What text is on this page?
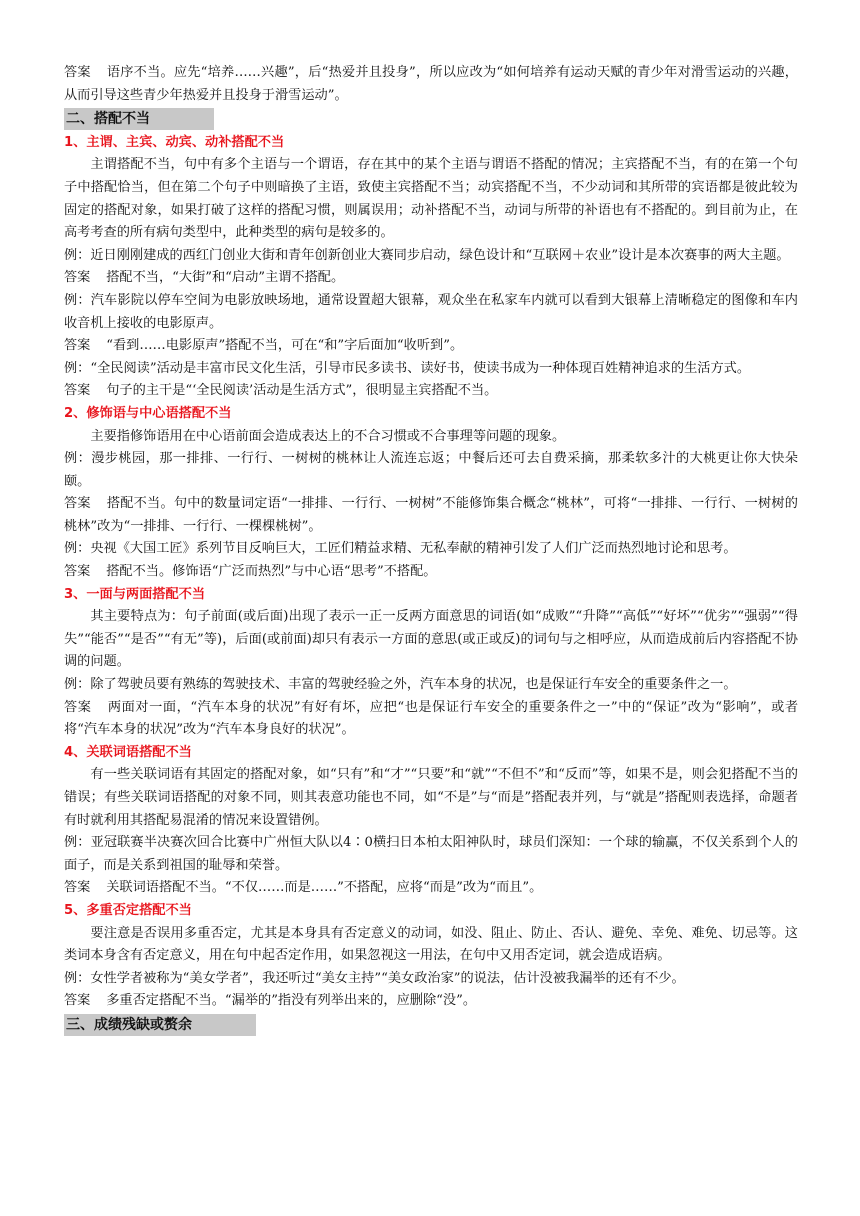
答案 语序不当。应先“培养……兴趣”，后“热爱并且投身”，所以应改为“如何培养有运动天赋的青少年对滑雪运动的兴趣，从而引导这些青少年热爱并且投身于滑雪运动”。

二、搭配不当
1、主谓、主宾、动宾、动补搭配不当

主谓搭配不当，句中有多个主语与一个谓语，存在其中的某个主语与谓语不搭配的情况；主宾搭配不当，有的在第一个句子中搭配恰当，但在第二个句子中则暗换了主语，致使主宾搭配不当；动宾搭配不当，不少动词和其所带的宾语都是彼此较为固定的搭配对象，如果打破了这样的搭配习惯，则属误用；动补搭配不当，动词与所带的补语也有不搭配的。到目前为止，在高考考查的所有病句类型中，此种类型的病句是较多的。

例：近日刚刚建成的西红门创业大街和青年创新创业大赛同步启动，绿色设计和“互联网＋农业”设计是本次赛事的两大主题。

答案 搭配不当，“大街”和“启动”主谓不搭配。

例：汽车影院以停车空间为电影放映场地，通常设置超大银幕，观众坐在私家车内就可以看到大银幕上清晰稳定的图像和车内收音机上接收的电影原声。

答案 “看到……电影原声”搭配不当，可在“和”字后面加“收听到”。

例：“全民阅读”活动是丰富市民文化生活，引导市民多读书、读好书，使读书成为一种体现百姓精神追求的生活方式。

答案 句子的主干是“‘全民阅读’活动是生活方式”，很明显主宾搭配不当。

2、修饰语与中心语搭配不当

主要指修饰语用在中心语前面会造成表达上的不合习惯或不合事理等问题的现象。

例：漫步桃园，那一排排、一行行、一树树的桃林让人流连忘返；中餐后还可去自费采摘，那柔软多汁的大桃更让你大快朵颐。

答案 搭配不当。句中的数量词定语“一排排、一行行、一树树”不能修饰集合概念“桃林”，可将“一排排、一行行、一树树的桃林”改为“一排排、一行行、一棵棵桃树”。

例：央视《大国工匠》系列节目反响巨大，工匠们精益求精、无私奉献的精神引发了人们广泛而热烈地讨论和思考。

答案 搭配不当。修饰语“广泛而热烈”与中心语“思考”不搭配。

3、一面与两面搭配不当

其主要特点为：句子前面(或后面)出现了表示一正一反两方面意思的词语(如“成败”“升降”“高低”“好坏”“优劣”“强弱”“得失”“能否”“是否”“有无”等)，后面(或前面)却只有表示一方面的意思(或正或反)的词句与之相呼应，从而造成前后内容搭配不协调的问题。

例：除了驾驶员要有熟练的驾驶技术、丰富的驾驶经验之外，汽车本身的状况，也是保证行车安全的重要条件之一。

答案 两面对一面，“汽车本身的状况”有好有坏，应把“也是保证行车安全的重要条件之一”中的“保证”改为“影响”，或者将“汽车本身的状况”改为“汽车本身良好的状况”。

4、关联词语搭配不当

有一些关联词语有其固定的搭配对象，如“只有”和“才”“只要”和“就”“不但不”和“反而”等，如果不是，则会犯搭配不当的错误；有些关联词语搭配的对象不同，则其表意功能也不同，如“不是”与“而是”搭配表并列，与“就是”搭配则表选择，命题者有时就利用其搭配易混淆的情况来设置错例。

例：亚冠联赛半决赛次回合比赛中广州恒大队以4∶0横扫日本柏太阳神队时，球员们深知：一个球的输赢，不仅关系到个人的面子，而是关系到祖国的耻辱和荣誉。

答案 关联词语搭配不当。“不仅……而是……”不搭配，应将“而是”改为“而且”。

5、多重否定搭配不当

要注意是否误用多重否定，尤其是本身具有否定意义的动词，如没、阻止、防止、否认、避免、幸免、难免、切忌等。这类词本身含有否定意义，用在句中起否定作用，如果忽视这一用法，在句中又用否定词，就会造成语病。

例：女性学者被称为“美女学者”，我还听过“美女主持”“美女政治家”的说法，估计没被我漏举的还有不少。

答案 多重否定搭配不当。“漏举的”指没有列举出来的，应删除“没”。

三、成绩残缺或赘余
